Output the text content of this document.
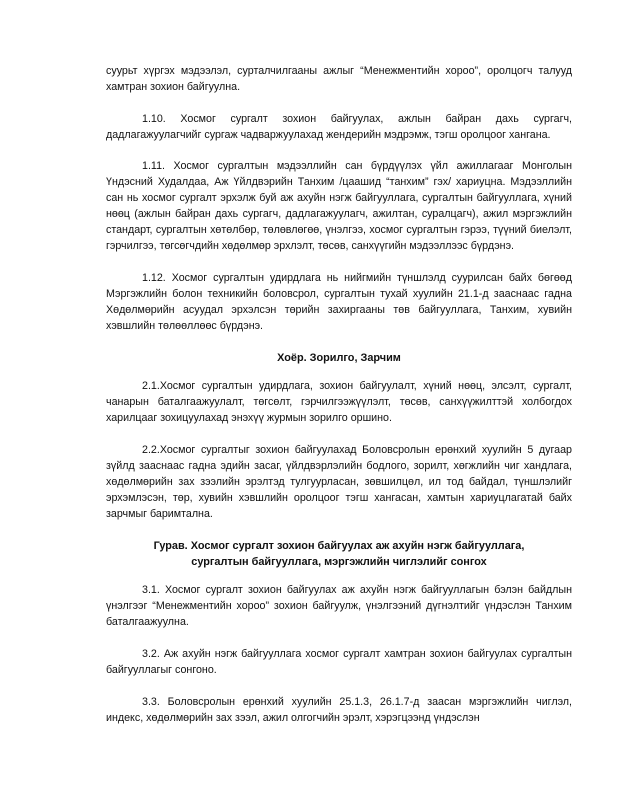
суурьт хүргэх мэдээлэл, сурталчилгааны ажлыг “Менежментийн хороо”, оролцогч талууд хамтран зохион байгуулна.

1.10. Хосмог сургалт зохион байгуулах, ажлын байран дахь сургагч, дадлагажуулагчийг сургаж чадваржуулахад жендерийн мэдрэмж, тэгш оролцоог хангана.

1.11. Хосмог сургалтын мэдээллийн сан бүрдүүлэх үйл ажиллагааг Монголын Үндэсний Худалдаа, Аж Үйлдвэрийн Танхим /цаашид “танхим” гэх/ хариуцна. Мэдээллийн сан нь хосмог сургалт эрхэлж буй аж ахуйн нэгж байгууллага, сургалтын байгууллага, хүний нөөц (ажлын байран дахь сургагч, дадлагажуулагч, ажилтан, суралцагч), ажил мэргэжлийн стандарт, сургалтын хөтөлбөр, төлөвлөгөө, үнэлгээ, хосмог сургалтын гэрээ, түүний биелэлт, гэрчилгээ, төгсөгчдийн хөдөлмөр эрхлэлт, төсөв, санхүүгийн мэдээллээс бүрдэнэ.

1.12. Хосмог сургалтын удирдлага нь нийгмийн түншлэлд суурилсан байх бөгөөд Мэргэжлийн болон техникийн боловсрол, сургалтын тухай хуулийн 21.1-д зааснаас гадна Хөдөлмөрийн асуудал эрхэлсэн төрийн захиргааны төв байгууллага, Танхим, хувийн хэвшлийн төлөөллөөс бүрдэнэ.

Хоёр. Зорилго, Зарчим

2.1.Хосмог сургалтын удирдлага, зохион байгуулалт, хүний нөөц, элсэлт, сургалт, чанарын баталгаажуулалт, төгсөлт, гэрчилгээжүүлэлт, төсөв, санхүүжилттэй холбогдох харилцааг зохицуулахад энэхүү журмын зорилго оршино.

2.2.Хосмог сургалтыг зохион байгуулахад Боловсролын ерөнхий хуулийн 5 дугаар зүйлд зааснаас гадна эдийн засаг, үйлдвэрлэлийн бодлого, зорилт, хөгжлийн чиг хандлага, хөдөлмөрийн зах зээлийн эрэлтэд тулгуурласан, зөвшилцөл, ил тод байдал, түншлэлийг эрхэмлэсэн, төр, хувийн хэвшлийн оролцоог тэгш хангасан, хамтын хариуцлагатай байх зарчмыг баримтална.

Гурав. Хосмог сургалт зохион байгуулах аж ахуйн нэгж байгууллага,
сургалтын байгууллага, мэргэжлийн чиглэлийг сонгох

3.1. Хосмог сургалт зохион байгуулах аж ахуйн нэгж байгууллагын бэлэн байдлын үнэлгээг “Менежментийн хороо” зохион байгуулж, үнэлгээний дүгнэлтийг үндэслэн Танхим баталгаажуулна.

3.2. Аж ахуйн нэгж байгууллага хосмог сургалт хамтран зохион байгуулах сургалтын байгууллагыг сонгоно.

3.3. Боловсролын ерөнхий хуулийн 25.1.3, 26.1.7-д заасан мэргэжлийн чиглэл, индекс, хөдөлмөрийн зах зээл, ажил олгогчийн эрэлт, хэрэгцээнд үндэслэн
